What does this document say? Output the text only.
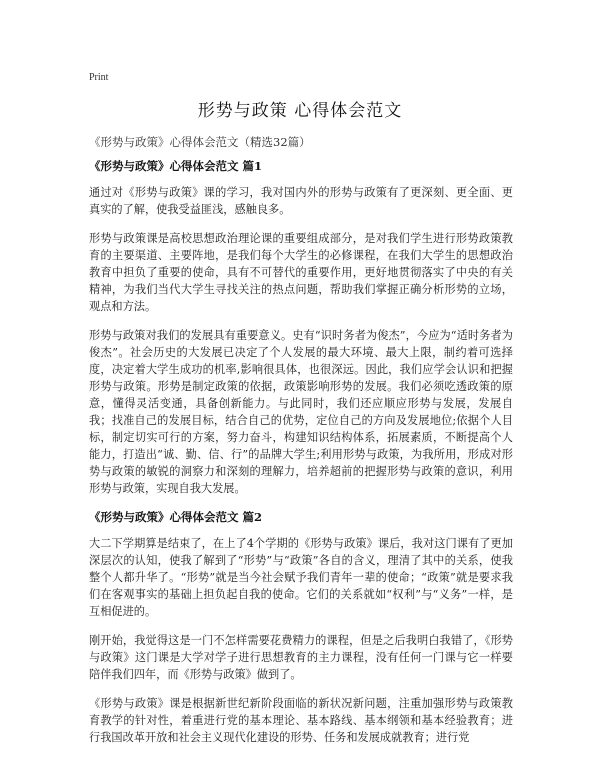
Print
形势与政策 心得体会范文

《形势与政策》心得体会范文（精选32篇）

《形势与政策》心得体会范文 篇1

通过对《形势与政策》课的学习，我对国内外的形势与政策有了更深刻、更全面、更真实的了解，使我受益匪浅，感触良多。

形势与政策课是高校思想政治理论课的重要组成部分，是对我们学生进行形势政策教育的主要渠道、主要阵地，是我们每个大学生的必修课程，在我们大学生的思想政治教育中担负了重要的使命，具有不可替代的重要作用，更好地贯彻落实了中央的有关精神，为我们当代大学生寻找关注的热点问题，帮助我们掌握正确分析形势的立场，观点和方法。

形势与政策对我们的发展具有重要意义。史有“识时务者为俊杰”，今应为“适时务者为俊杰”。社会历史的大发展已决定了个人发展的最大环境、最大上限，制约着可选择度，决定着大学生成功的机率,影响很具体，也很深远。因此，我们应学会认识和把握形势与政策。形势是制定政策的依据，政策影响形势的发展。我们必须吃透政策的原意，懂得灵活变通，具备创新能力。与此同时，我们还应顺应形势与发展，发展自我；找准自己的发展目标，结合自己的优势，定位自己的方向及发展地位;依据个人目标，制定切实可行的方案，努力奋斗，构建知识结构体系，拓展素质，不断提高个人能力，打造出“诚、勤、信、行”的品牌大学生;利用形势与政策，为我所用，形成对形势与政策的敏锐的洞察力和深刻的理解力，培养超前的把握形势与政策的意识，利用形势与政策，实现自我大发展。

《形势与政策》心得体会范文 篇2

大二下学期算是结束了，在上了4个学期的《形势与政策》课后，我对这门课有了更加深层次的认知，使我了解到了“形势”与“政策”各自的含义，理清了其中的关系，使我整个人都升华了。“形势”就是当今社会赋予我们青年一辈的使命；“政策”就是要求我们在客观事实的基础上担负起自我的使命。它们的关系就如“权利”与“义务”一样，是互相促进的。

刚开始，我觉得这是一门不怎样需要花费精力的课程，但是之后我明白我错了，《形势与政策》这门课是大学对学子进行思想教育的主力课程，没有任何一门课与它一样要陪伴我们四年，而《形势与政策》做到了。

《形势与政策》课是根据新世纪新阶段面临的新状况新问题，注重加强形势与政策教育教学的针对性，着重进行党的基本理论、基本路线、基本纲领和基本经验教育；进行我国改革开放和社会主义现代化建设的形势、任务和发展成就教育；进行党
